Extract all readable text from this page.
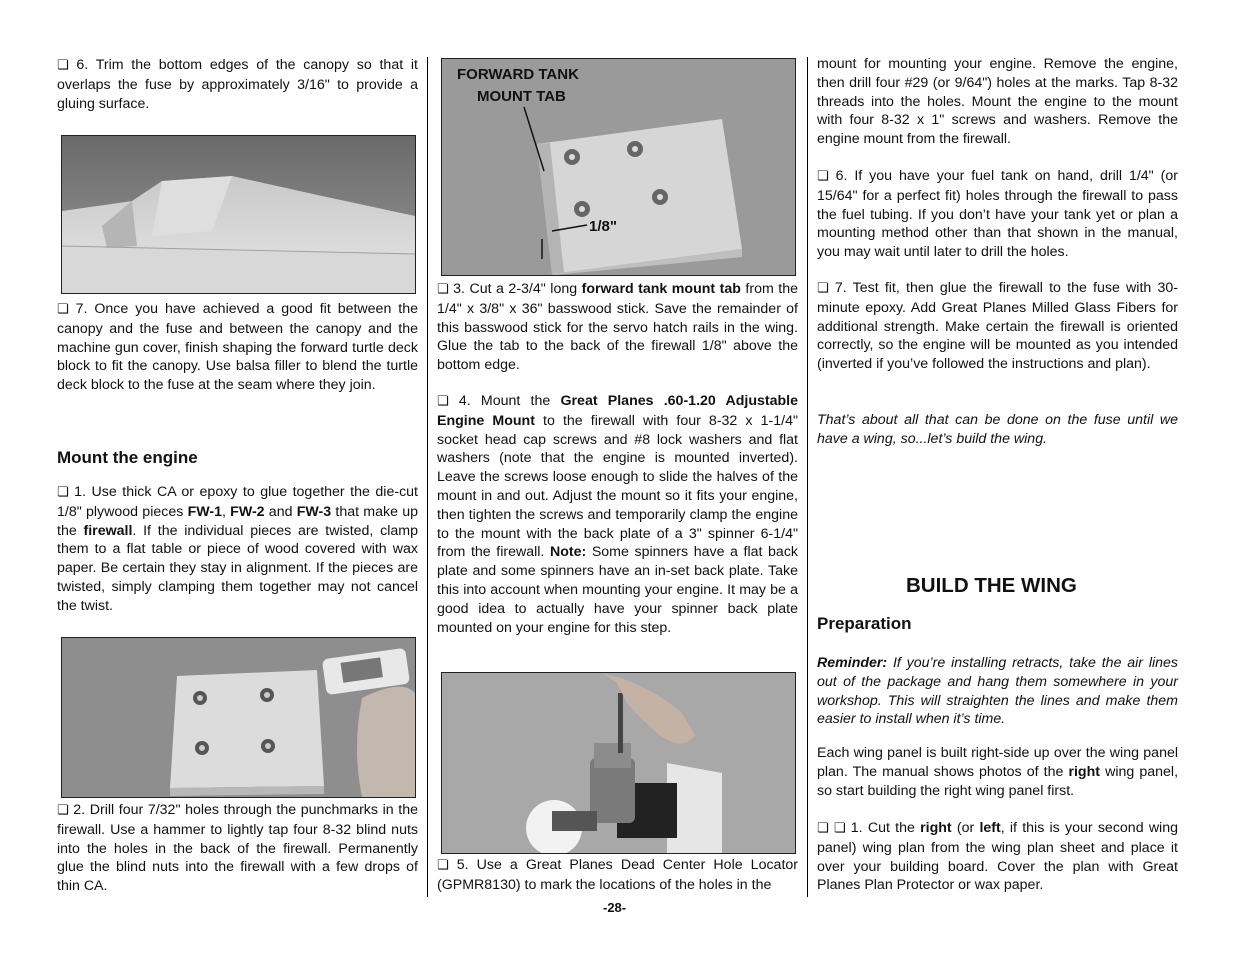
❏ 6. Trim the bottom edges of the canopy so that it overlaps the fuse by approximately 3/16" to provide a gluing surface.

❏ 7. Once you have achieved a good fit between the canopy and the fuse and between the canopy and the machine gun cover, finish shaping the forward turtle deck block to fit the canopy. Use balsa filler to blend the turtle deck block to the fuse at the seam where they join.

Mount the engine

❏ 1. Use thick CA or epoxy to glue together the die-cut 1/8" plywood pieces FW-1, FW-2 and FW-3 that make up the firewall. If the individual pieces are twisted, clamp them to a flat table or piece of wood covered with wax paper. Be certain they stay in alignment. If the pieces are twisted, simply clamping them together may not cancel the twist.

❏ 2. Drill four 7/32" holes through the punchmarks in the firewall. Use a hammer to lightly tap four 8-32 blind nuts into the holes in the back of the firewall. Permanently glue the blind nuts into the firewall with a few drops of thin CA.

FORWARD TANK
MOUNT TAB
1/8"

❏ 3. Cut a 2-3/4" long forward tank mount tab from the 1/4" x 3/8" x 36" basswood stick. Save the remainder of this basswood stick for the servo hatch rails in the wing. Glue the tab to the back of the firewall 1/8" above the bottom edge.

❏ 4. Mount the Great Planes .60-1.20 Adjustable Engine Mount to the firewall with four 8-32 x 1-1/4" socket head cap screws and #8 lock washers and flat washers (note that the engine is mounted inverted). Leave the screws loose enough to slide the halves of the mount in and out. Adjust the mount so it fits your engine, then tighten the screws and temporarily clamp the engine to the mount with the back plate of a 3" spinner 6-1/4" from the firewall. Note: Some spinners have a flat back plate and some spinners have an in-set back plate. Take this into account when mounting your engine. It may be a good idea to actually have your spinner back plate mounted on your engine for this step.

❏ 5. Use a Great Planes Dead Center Hole Locator (GPMR8130) to mark the locations of the holes in the

mount for mounting your engine. Remove the engine, then drill four #29 (or 9/64") holes at the marks. Tap 8-32 threads into the holes. Mount the engine to the mount with four 8-32 x 1" screws and washers. Remove the engine mount from the firewall.

❏ 6. If you have your fuel tank on hand, drill 1/4" (or 15/64" for a perfect fit) holes through the firewall to pass the fuel tubing. If you don’t have your tank yet or plan a mounting method other than that shown in the manual, you may wait until later to drill the holes.

❏ 7. Test fit, then glue the firewall to the fuse with 30-minute epoxy. Add Great Planes Milled Glass Fibers for additional strength. Make certain the firewall is oriented correctly, so the engine will be mounted as you intended (inverted if you’ve followed the instructions and plan).

That’s about all that can be done on the fuse until we have a wing, so...let’s build the wing.

BUILD THE WING
Preparation

Reminder: If you’re installing retracts, take the air lines out of the package and hang them somewhere in your workshop. This will straighten the lines and make them easier to install when it’s time.

Each wing panel is built right-side up over the wing panel plan. The manual shows photos of the right wing panel, so start building the right wing panel first.

❏ ❏ 1. Cut the right (or left, if this is your second wing panel) wing plan from the wing plan sheet and place it over your building board. Cover the plan with Great Planes Plan Protector or wax paper.

-28-
